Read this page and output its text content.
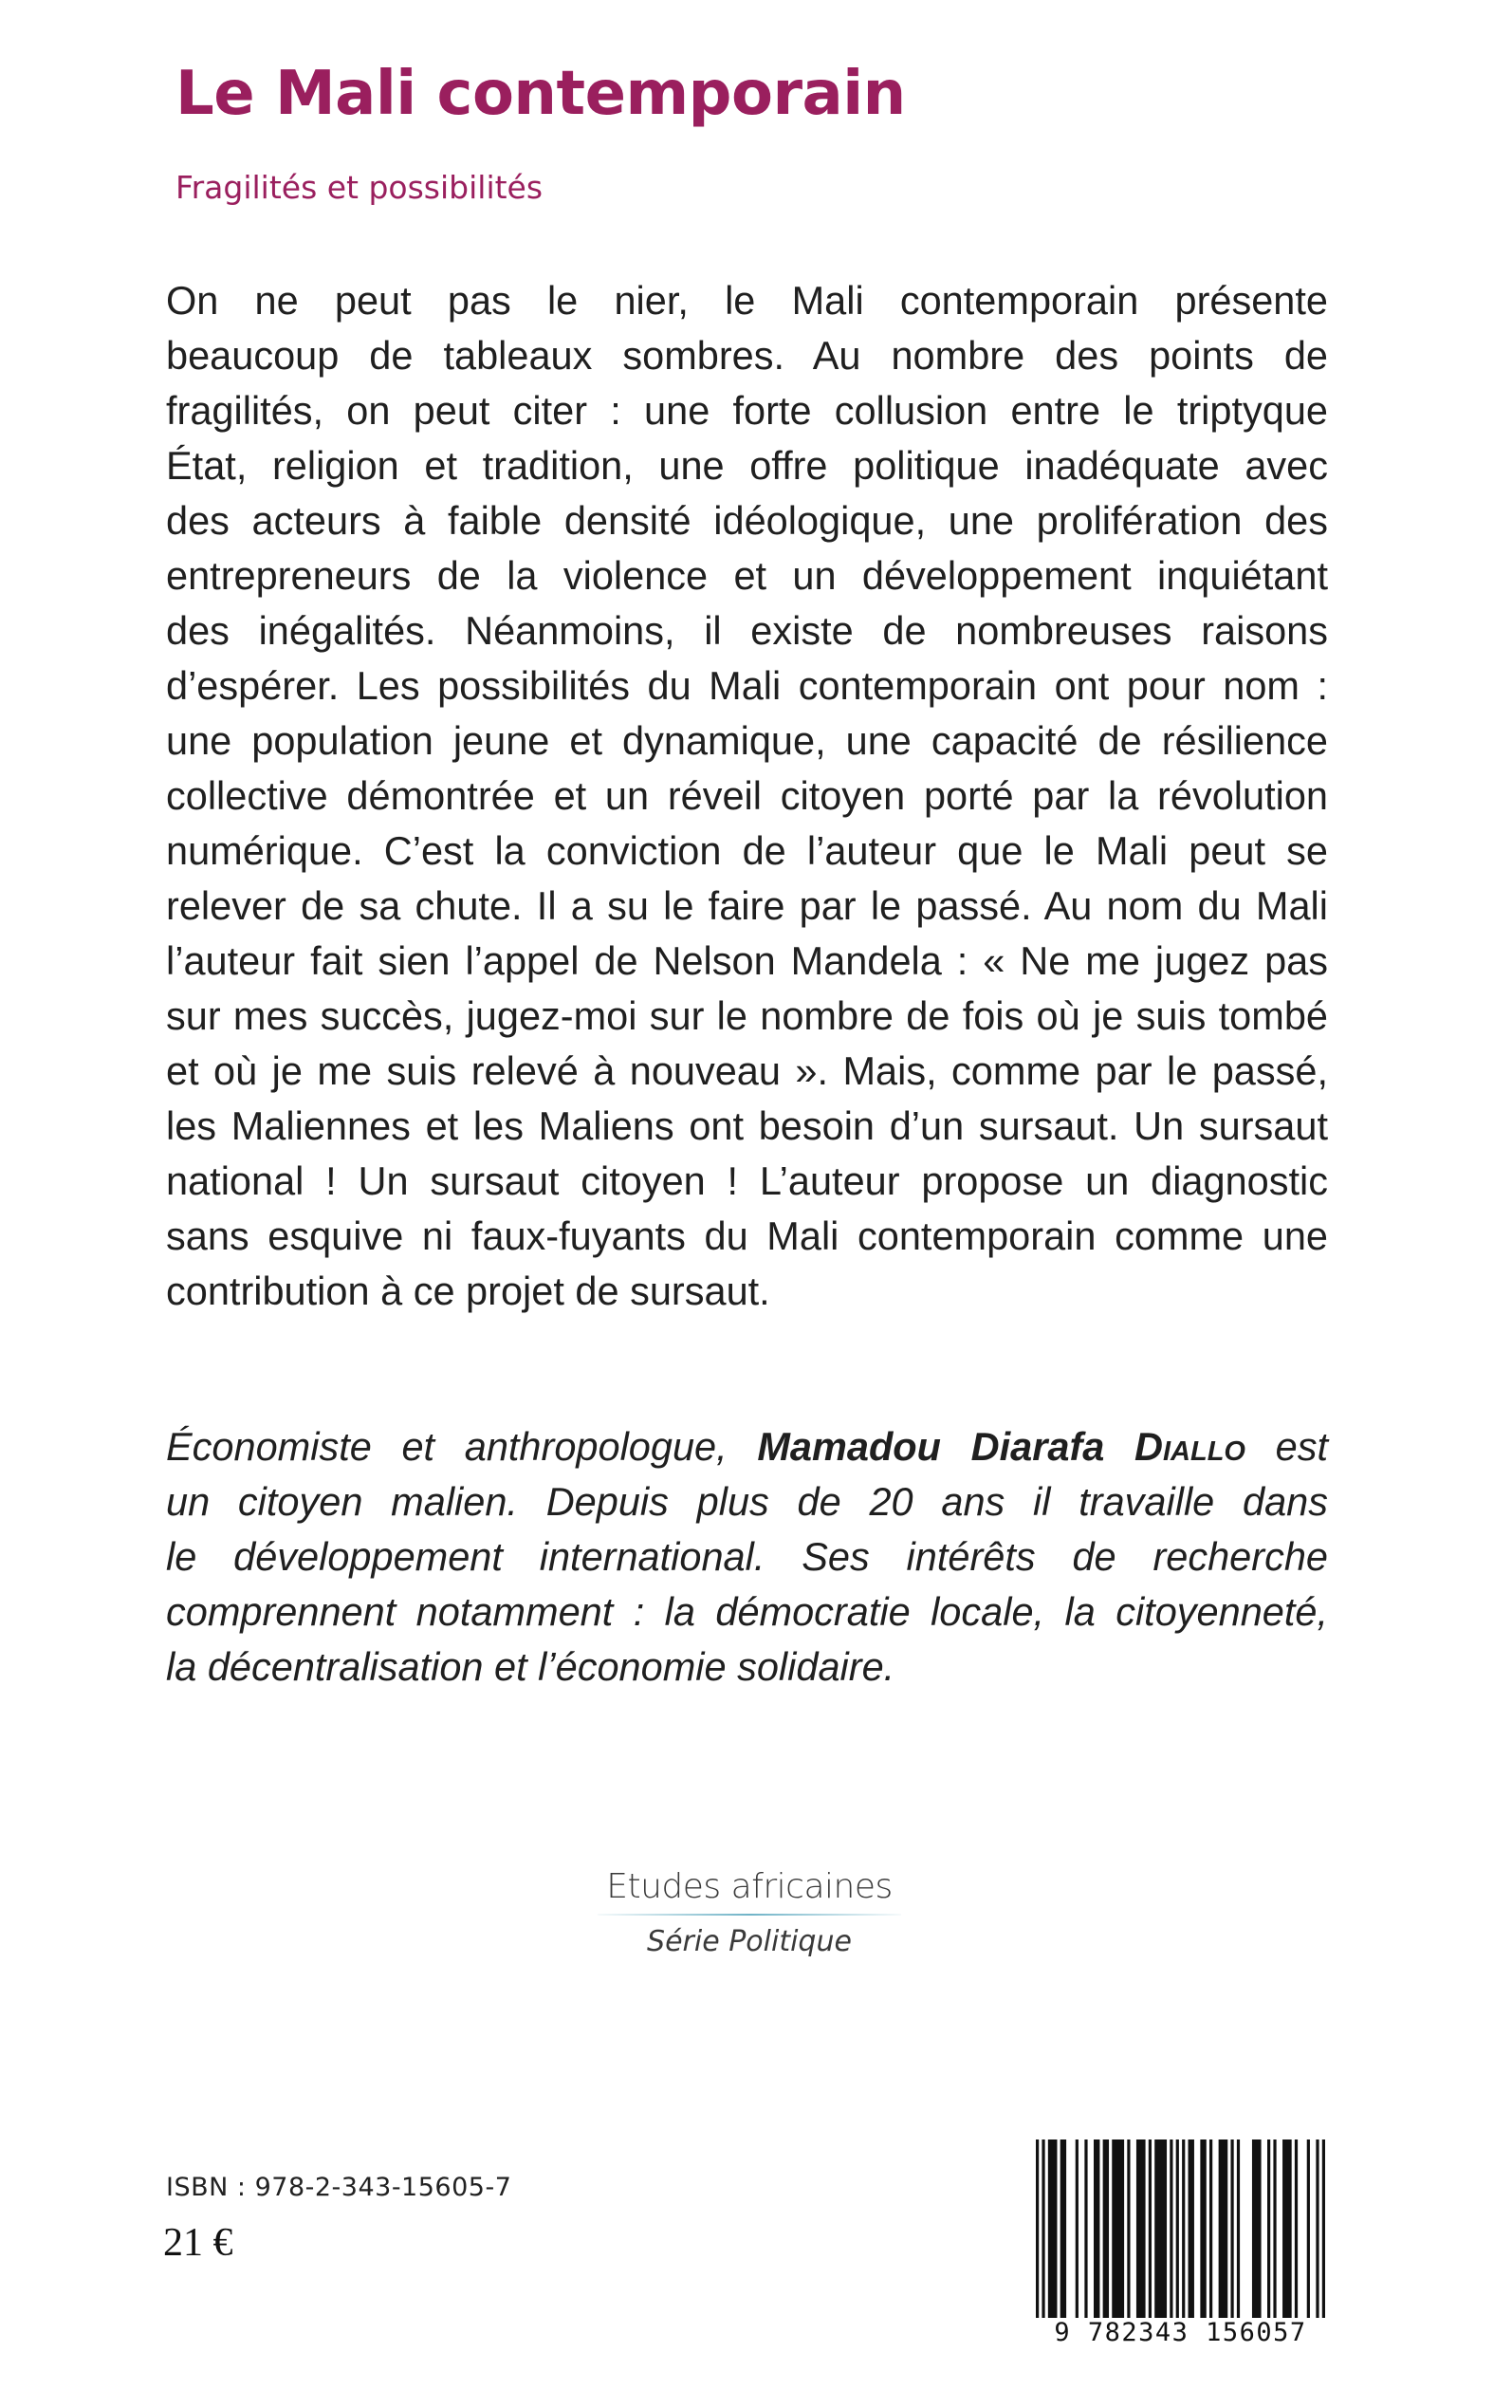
Le Mali contemporain
Fragilités et possibilités
On ne peut pas le nier, le Mali contemporain présente
beaucoup de tableaux sombres. Au nombre des points de
fragilités, on peut citer : une forte collusion entre le triptyque
État, religion et tradition, une offre politique inadéquate avec
des acteurs à faible densité idéologique, une prolifération des
entrepreneurs de la violence et un développement inquiétant
des inégalités. Néanmoins, il existe de nombreuses raisons
d’espérer. Les possibilités du Mali contemporain ont pour nom :
une population jeune et dynamique, une capacité de résilience
collective démontrée et un réveil citoyen porté par la révolution
numérique. C’est la conviction de l’auteur que le Mali peut se
relever de sa chute. Il a su le faire par le passé. Au nom du Mali
l’auteur fait sien l’appel de Nelson Mandela : « Ne me jugez pas
sur mes succès, jugez-moi sur le nombre de fois où je suis tombé
et où je me suis relevé à nouveau ». Mais, comme par le passé,
les Maliennes et les Maliens ont besoin d’un sursaut. Un sursaut
national ! Un sursaut citoyen ! L’auteur propose un diagnostic
sans esquive ni faux-fuyants du Mali contemporain comme une
contribution à ce projet de sursaut.
Économiste et anthropologue, Mamadou Diarafa Diallo est
un citoyen malien. Depuis plus de 20 ans il travaille dans
le développement international. Ses intérêts de recherche
comprennent notamment : la démocratie locale, la citoyenneté,
la décentralisation et l’économie solidaire.
Etudes africaines
Série Politique
ISBN : 978-2-343-15605-7
21 €
9 782343 156057
